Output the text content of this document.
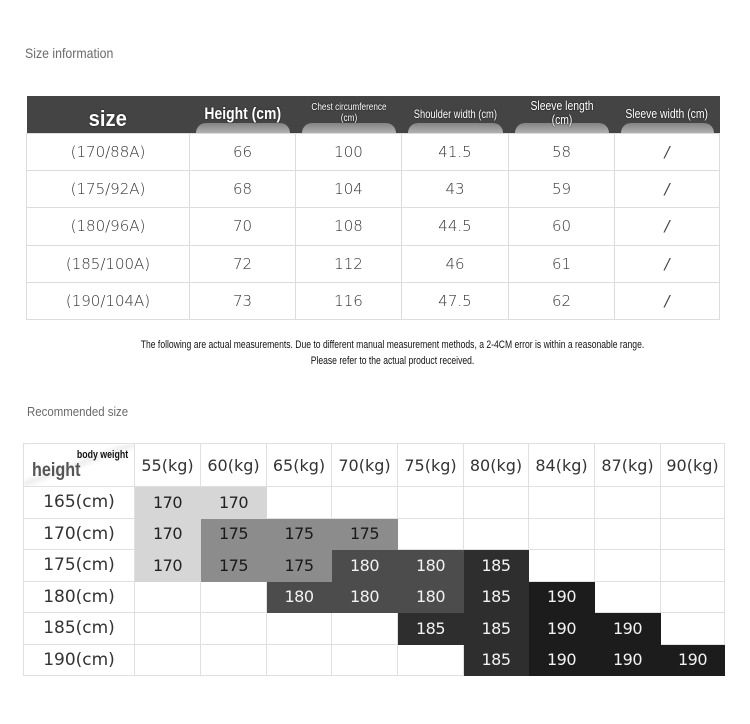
Size information
size	Height (cm)	Chest circumference (cm)	Shoulder width (cm)	Sleeve length (cm)	Sleeve width (cm)
(170/88A)	66	100	41.5	58	/
(175/92A)	68	104	43	59	/
(180/96A)	70	108	44.5	60	/
(185/100A)	72	112	46	61	/
(190/104A)	73	116	47.5	62	/
The following are actual measurements. Due to different manual measurement methods, a 2-4CM error is within a reasonable range. Please refer to the actual product received.
Recommended size
body weight
height	55(kg)	60(kg)	65(kg)	70(kg)	75(kg)	80(kg)	84(kg)	87(kg)	90(kg)
165(cm)	170	170							
170(cm)	170	175	175	175					
175(cm)	170	175	175	180	180	185			
180(cm)			180	180	180	185	190		
185(cm)					185	185	190	190	
190(cm)						185	190	190	190
